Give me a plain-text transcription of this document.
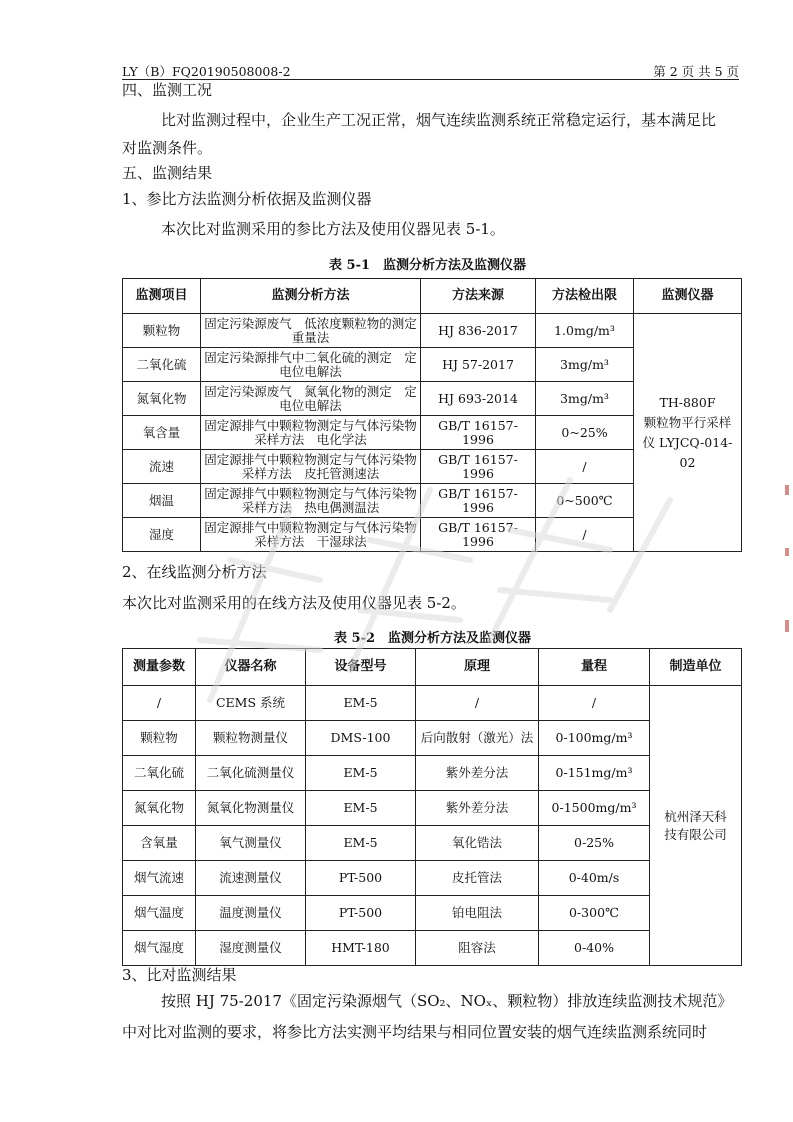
LY（B）FQ20190508008-2	第 2 页 共 5 页
四、监测工况
比对监测过程中，企业生产工况正常，烟气连续监测系统正常稳定运行，基本满足比
对监测条件。
五、监测结果
1、参比方法监测分析依据及监测仪器
本次比对监测采用的参比方法及使用仪器见表 5-1。
表 5-1　监测分析方法及监测仪器
监测项目	监测分析方法	方法来源	方法检出限	监测仪器
颗粒物	固定污染源废气　低浓度颗粒物的测定　重量法	HJ 836-2017	1.0mg/m³	TH-880F
颗粒物平行采样
仪 LYJCQ-014-02
二氧化硫	固定污染源排气中二氧化硫的测定　定电位电解法	HJ 57-2017	3mg/m³	
氮氧化物	固定污染源废气　氮氧化物的测定　定电位电解法	HJ 693-2014	3mg/m³	
氧含量	固定源排气中颗粒物测定与气体污染物采样方法　电化学法	GB/T 16157-1996	0~25%	
流速	固定源排气中颗粒物测定与气体污染物采样方法　皮托管测速法	GB/T 16157-1996	/	
烟温	固定源排气中颗粒物测定与气体污染物采样方法　热电偶测温法	GB/T 16157-1996	0~500℃	
湿度	固定源排气中颗粒物测定与气体污染物采样方法　干湿球法	GB/T 16157-1996	/	
2、在线监测分析方法
本次比对监测采用的在线方法及使用仪器见表 5-2。
表 5-2　监测分析方法及监测仪器
测量参数	仪器名称	设备型号	原理	量程	制造单位
/	CEMS 系统	EM-5	/	/	杭州泽天科
技有限公司
颗粒物	颗粒物测量仪	DMS-100	后向散射（激光）法	0-100mg/m³	
二氧化硫	二氧化硫测量仪	EM-5	紫外差分法	0-151mg/m³	
氮氧化物	氮氧化物测量仪	EM-5	紫外差分法	0-1500mg/m³	
含氧量	氧气测量仪	EM-5	氧化锆法	0-25%	
烟气流速	流速测量仪	PT-500	皮托管法	0-40m/s	
烟气温度	温度测量仪	PT-500	铂电阻法	0-300℃	
烟气湿度	湿度测量仪	HMT-180	阻容法	0-40%	
3、比对监测结果
按照 HJ 75-2017《固定污染源烟气（SO₂、NOₓ、颗粒物）排放连续监测技术规范》
中对比对监测的要求，将参比方法实测平均结果与相同位置安装的烟气连续监测系统同时
